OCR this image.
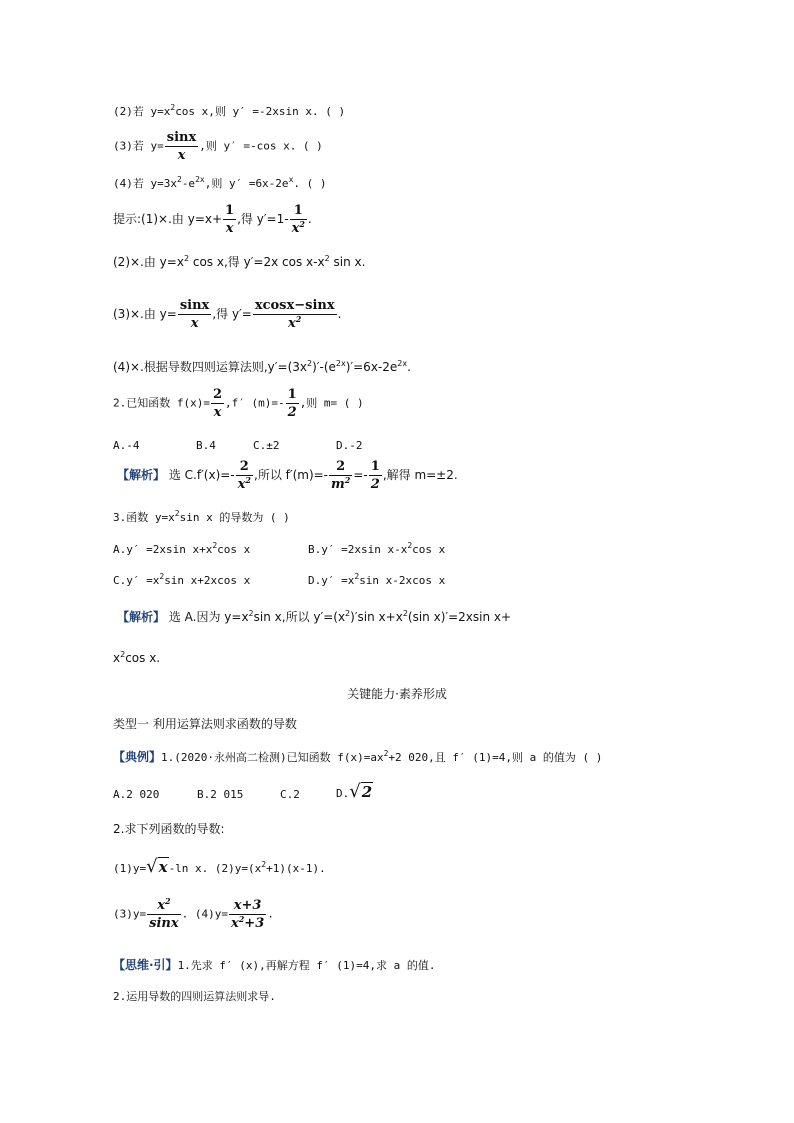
(2)若 $y=x^2\cos$ x,则 y′ =-2xsin x. ( )
(3)若 $y= \frac{\sin x}{x}$ ,则 y′ =-cos x. ( )
(4)若 $y=3x^2-e^{2x}$,则 $y' =6x-2e^x$. ( )
提示:(1)×.由 $y=x+ \frac{1}{x}$ ,得 $y'=1- \frac{1}{x^2}$ .
(2)×.由 $y=x^2$ cos x,得 y′=2x $\cos x-x^2$ sin x.
(3)×.由 $y= \frac{\sin x}{x}$ ,得 $y'= \frac{xcosx-\sin x}{x^2}$ .
(4)×.根据导数四则运算法则$,y'=(3x^2)'-(e^{2x})'=6x-2e^{2x}$.
2.已知函数 $f(x)= \frac{2}{x} ,f'$ $(m)=- \frac{1}{2}$ ,则 m= ( )
A.-4	B.4	C.±2	D.-2
【解析】 选 $C.f'(x)=- \frac{2}{x^2}$ ,所以 $f'(m)=- \frac{2}{m^2} =- \frac{1}{2}$ ,解得 m=±2.
3.函数 $y=x^2\sin$ x 的导数为 ( )
A.y′ =2xsin $x+x^2\cos$ x	B.y′ =2xsin $x-x^2\cos$ x
$C.y' =x^2\sin$ x+2xcos x	$D.y' =x^2\sin$ x-2xcos x
【解析】 选 A.因为 $y=x^2\sin$ x,所以 $y'=(x^2)'\sin$ $x+x^2(\sin$ x)′=2xsin x+
$x^2\cos$ x.
关键能力·素养形成
类型一 利用运算法则求函数的导数
【典例】1.(2020·永州高二检测)已知函数 $f(x)=ax^2+2$ 020,且 f′ (1)=4,则 a 的值为 ( )
A.2 020	B.2 015	C.2	D.√2
2.求下列函数的导数:
(1)y=√x-ln x. $(2)y=(x^2+1)(x-1)$.
$(3)y= \frac{x^2}{\sin x}$ . $(4)y= \frac{x+3}{x^2+3}$ .
【思维·引】1.先求 f′ (x),再解方程 f′ (1)=4,求 a 的值.
2.运用导数的四则运算法则求导.
